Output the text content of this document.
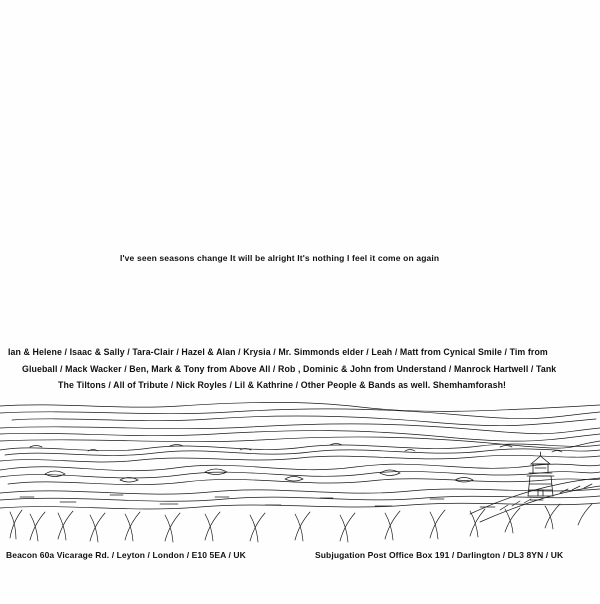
I've seen seasons change It will be alright It's nothing I feel it come on again
Ian & Helene / Isaac & Sally / Tara-Clair / Hazel & Alan / Krysia / Mr. Simmonds elder / Leah / Matt from Cynical Smile / Tim from
Glueball / Mack Wacker / Ben, Mark & Tony from Above All / Rob , Dominic & John from Understand / Manrock Hartwell / Tank
The Tiltons / All of Tribute / Nick Royles / Lil & Kathrine / Other People & Bands as well. Shemhamforash!
Beacon 60a Vicarage Rd. / Leyton / London / E10 5EA / UK	Subjugation Post Office Box 191 / Darlington / DL3 8YN / UK
